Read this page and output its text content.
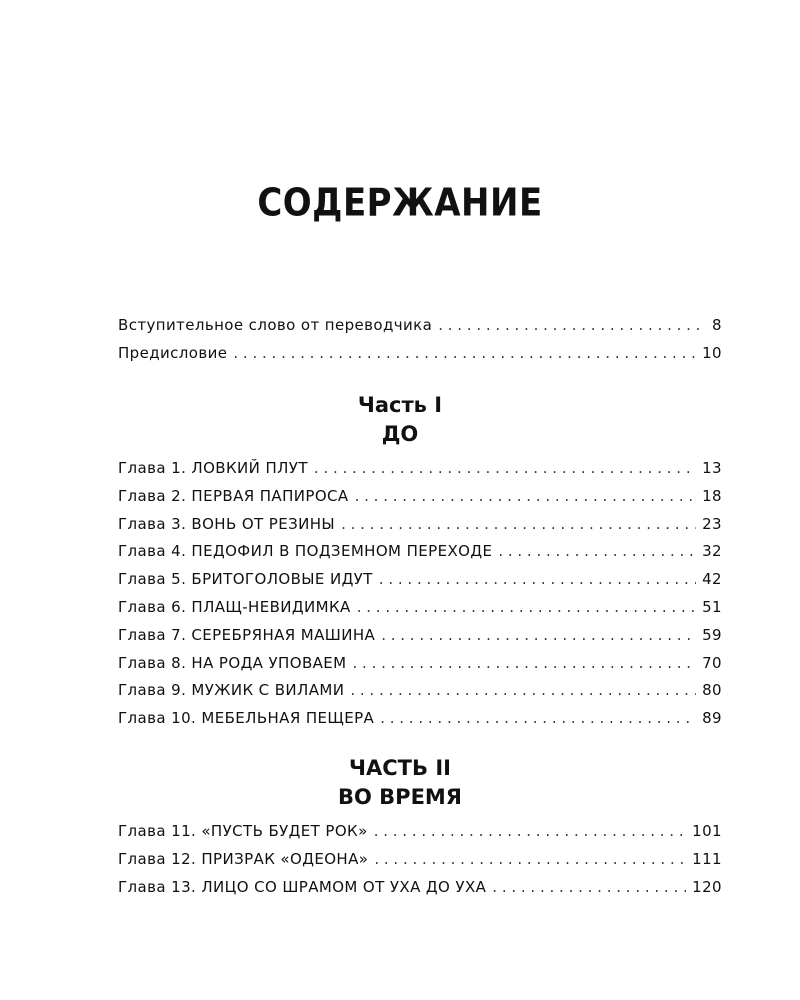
СОДЕРЖАНИЕ
Вступительное слово от переводчика . . .	8
Предисловие . . .	10
Часть I
ДО
Глава 1. ЛОВКИЙ ПЛУТ . . .	13
Глава 2. ПЕРВАЯ ПАПИРОСА . . .	18
Глава 3. ВОНЬ ОТ РЕЗИНЫ . . .	23
Глава 4. ПЕДОФИЛ В ПОДЗЕМНОМ ПЕРЕХОДЕ . . .	32
Глава 5. БРИТОГОЛОВЫЕ ИДУТ . . .	42
Глава 6. ПЛАЩ-НЕВИДИМКА . . .	51
Глава 7. СЕРЕБРЯНАЯ МАШИНА . . .	59
Глава 8. НА РОДА УПОВАЕМ . . .	70
Глава 9. МУЖИК С ВИЛАМИ . . .	80
Глава 10. МЕБЕЛЬНАЯ ПЕЩЕРА . . .	89
ЧАСТЬ II
ВО ВРЕМЯ
Глава 11. «ПУСТЬ БУДЕТ РОК» . . .	101
Глава 12. ПРИЗРАК «ОДЕОНА» . . .	111
Глава 13. ЛИЦО СО ШРАМОМ ОТ УХА ДО УХА . . .	120
